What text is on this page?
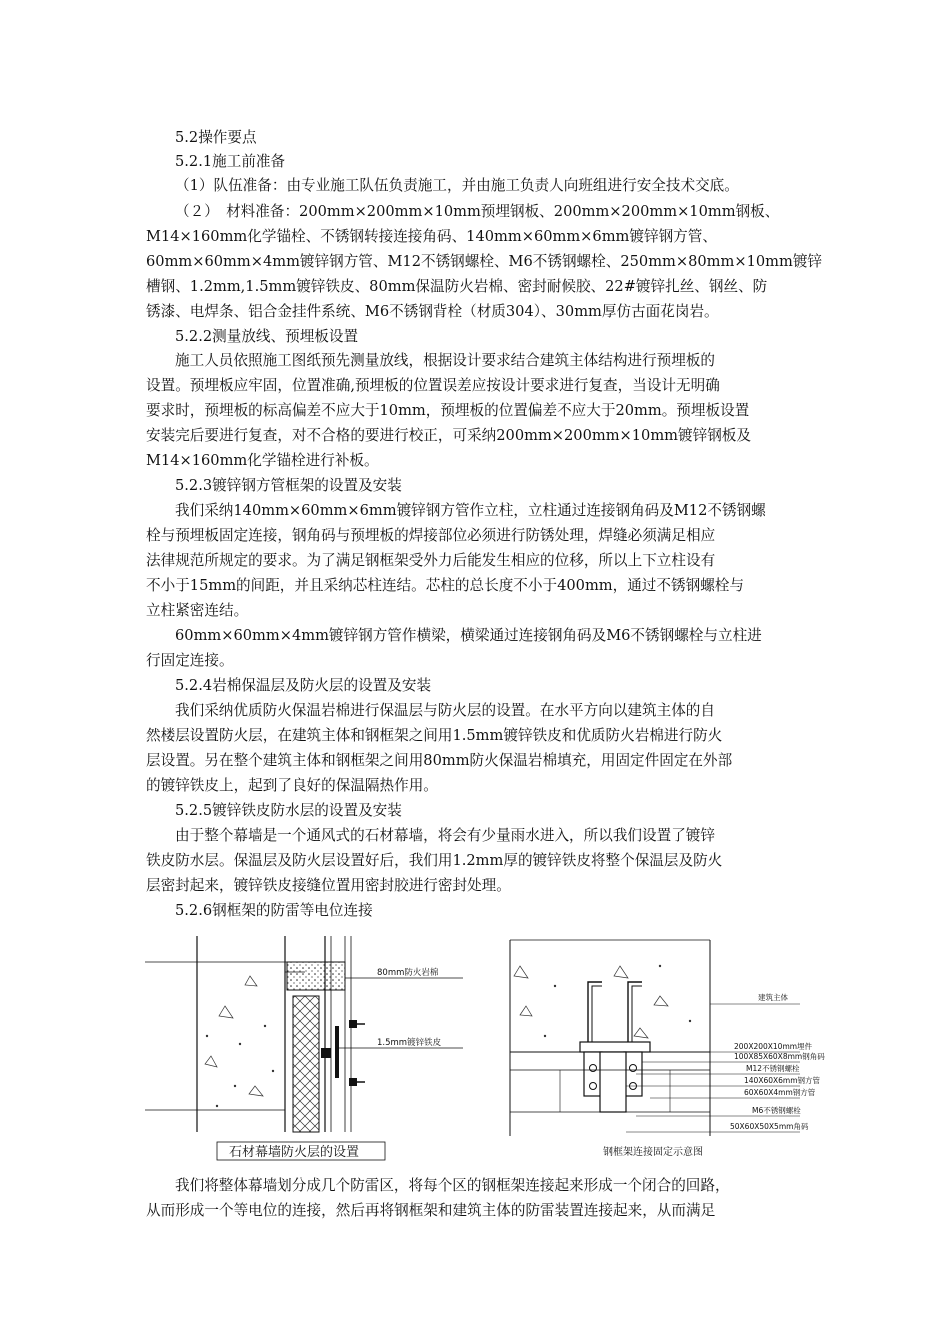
5.2操作要点
5.2.1施工前准备
（1）队伍准备：由专业施工队伍负责施工，并由施工负责人向班组进行安全技术交底。
（２）　材料准备：200mm×200mm×10mm预埋钢板、200mm×200mm×10mm钢板、
M14×160mm化学锚栓、不锈钢转接连接角码、140mm×60mm×6mm镀锌钢方管、
60mm×60mm×4mm镀锌钢方管、M12不锈钢螺栓、M6不锈钢螺栓、250mm×80mm×10mm镀锌
槽钢、1.2mm,1.5mm镀锌铁皮、80mm保温防火岩棉、密封耐候胶、22#镀锌扎丝、钢丝、防
锈漆、电焊条、铝合金挂件系统、M6不锈钢背栓（材质304）、30mm厚仿古面花岗岩。
5.2.2测量放线、预埋板设置
施工人员依照施工图纸预先测量放线，根据设计要求结合建筑主体结构进行预埋板的
设置。预埋板应牢固，位置准确,预埋板的位置误差应按设计要求进行复查，当设计无明确
要求时，预埋板的标高偏差不应大于10mm，预埋板的位置偏差不应大于20mm。预埋板设置
安装完后要进行复查，对不合格的要进行校正，可采纳200mm×200mm×10mm镀锌钢板及
M14×160mm化学锚栓进行补板。
5.2.3镀锌钢方管框架的设置及安装
我们采纳140mm×60mm×6mm镀锌钢方管作立柱，立柱通过连接钢角码及M12不锈钢螺
栓与预埋板固定连接，钢角码与预埋板的焊接部位必须进行防锈处理，焊缝必须满足相应
法律规范所规定的要求。为了满足钢框架受外力后能发生相应的位移，所以上下立柱设有
不小于15mm的间距，并且采纳芯柱连结。芯柱的总长度不小于400mm，通过不锈钢螺栓与
立柱紧密连结。
60mm×60mm×4mm镀锌钢方管作横梁，横梁通过连接钢角码及M6不锈钢螺栓与立柱进
行固定连接。
5.2.4岩棉保温层及防火层的设置及安装
我们采纳优质防火保温岩棉进行保温层与防火层的设置。在水平方向以建筑主体的自
然楼层设置防火层，在建筑主体和钢框架之间用1.5mm镀锌铁皮和优质防火岩棉进行防火
层设置。另在整个建筑主体和钢框架之间用80mm防火保温岩棉填充，用固定件固定在外部
的镀锌铁皮上，起到了良好的保温隔热作用。
5.2.5镀锌铁皮防水层的设置及安装
由于整个幕墙是一个通风式的石材幕墙，将会有少量雨水进入，所以我们设置了镀锌
铁皮防水层。保温层及防火层设置好后，我们用1.2mm厚的镀锌铁皮将整个保温层及防火
层密封起来，镀锌铁皮接缝位置用密封胶进行密封处理。
5.2.6钢框架的防雷等电位连接
80mm防火岩棉
1.5mm镀锌铁皮
石材幕墙防火层的设置
建筑主体
200X200X10mm埋件
100X85X60X8mm钢角码
M12不锈钢螺栓
140X60X6mm钢方管
60X60X4mm钢方管
M6不锈钢螺栓
50X60X50X5mm角码
钢框架连接固定示意图
我们将整体幕墙划分成几个防雷区，将每个区的钢框架连接起来形成一个闭合的回路，
从而形成一个等电位的连接，然后再将钢框架和建筑主体的防雷装置连接起来，从而满足
